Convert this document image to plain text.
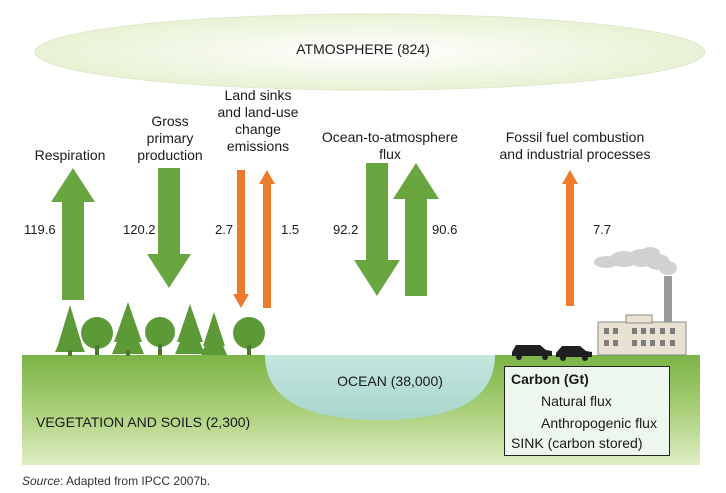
ATMOSPHERE (824)
Respiration
119.6
Gross
primary
production
120.2
Land sinks
and land-use
change
emissions
2.7	1.5
Ocean-to-atmosphere
flux
92.2	90.6
Fossil fuel combustion
and industrial processes
7.7
OCEAN (38,000)
VEGETATION AND SOILS (2,300)
Carbon (Gt)
Natural flux
Anthropogenic flux
SINK (carbon stored)
Source: Adapted from IPCC 2007b.
